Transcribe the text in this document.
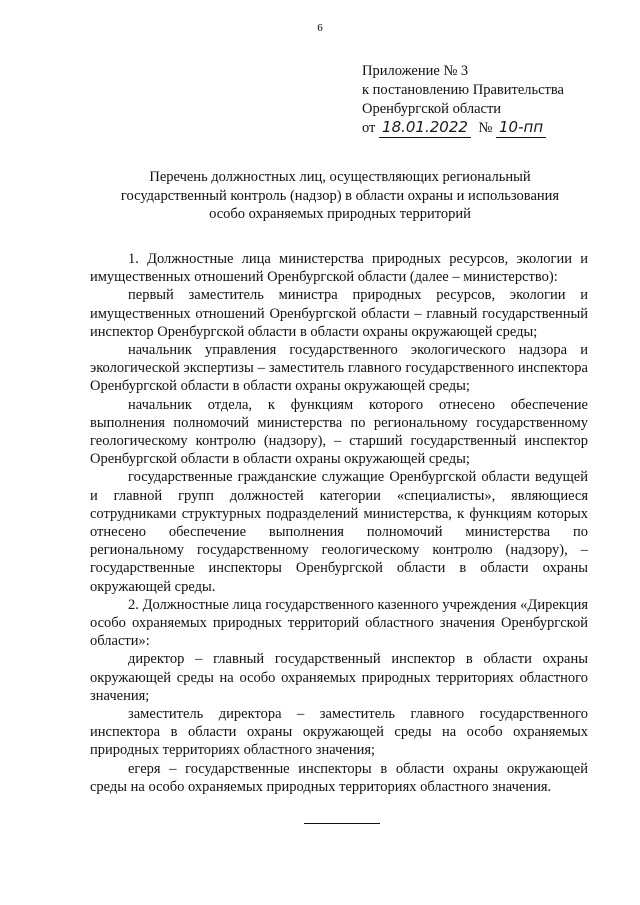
6
Приложение № 3
к постановлению Правительства
Оренбургской области
от 18.01.2022 № 10-пп
Перечень должностных лиц, осуществляющих региональный
государственный контроль (надзор) в области охраны и использования
особо охраняемых природных территорий

1. Должностные лица министерства природных ресурсов, экологии и имущественных отношений Оренбургской области (далее – министерство):

первый заместитель министра природных ресурсов, экологии и имущественных отношений Оренбургской области – главный государственный инспектор Оренбургской области в области охраны окружающей среды;

начальник управления государственного экологического надзора и экологической экспертизы – заместитель главного государственного инспектора Оренбургской области в области охраны окружающей среды;

начальник отдела, к функциям которого отнесено обеспечение выполнения полномочий министерства по региональному государственному геологическому контролю (надзору), – старший государственный инспектор Оренбургской области в области охраны окружающей среды;

государственные гражданские служащие Оренбургской области ведущей и главной групп должностей категории «специалисты», являющиеся сотрудниками структурных подразделений министерства, к функциям которых отнесено обеспечение выполнения полномочий министерства по региональному государственному геологическому контролю (надзору), – государственные инспекторы Оренбургской области в области охраны окружающей среды.

2. Должностные лица государственного казенного учреждения «Дирекция особо охраняемых природных территорий областного значения Оренбургской области»:

директор – главный государственный инспектор в области охраны окружающей среды на особо охраняемых природных территориях областного значения;

заместитель директора – заместитель главного государственного инспектора в области охраны окружающей среды на особо охраняемых природных территориях областного значения;

егеря – государственные инспекторы в области охраны окружающей среды на особо охраняемых природных территориях областного значения.
